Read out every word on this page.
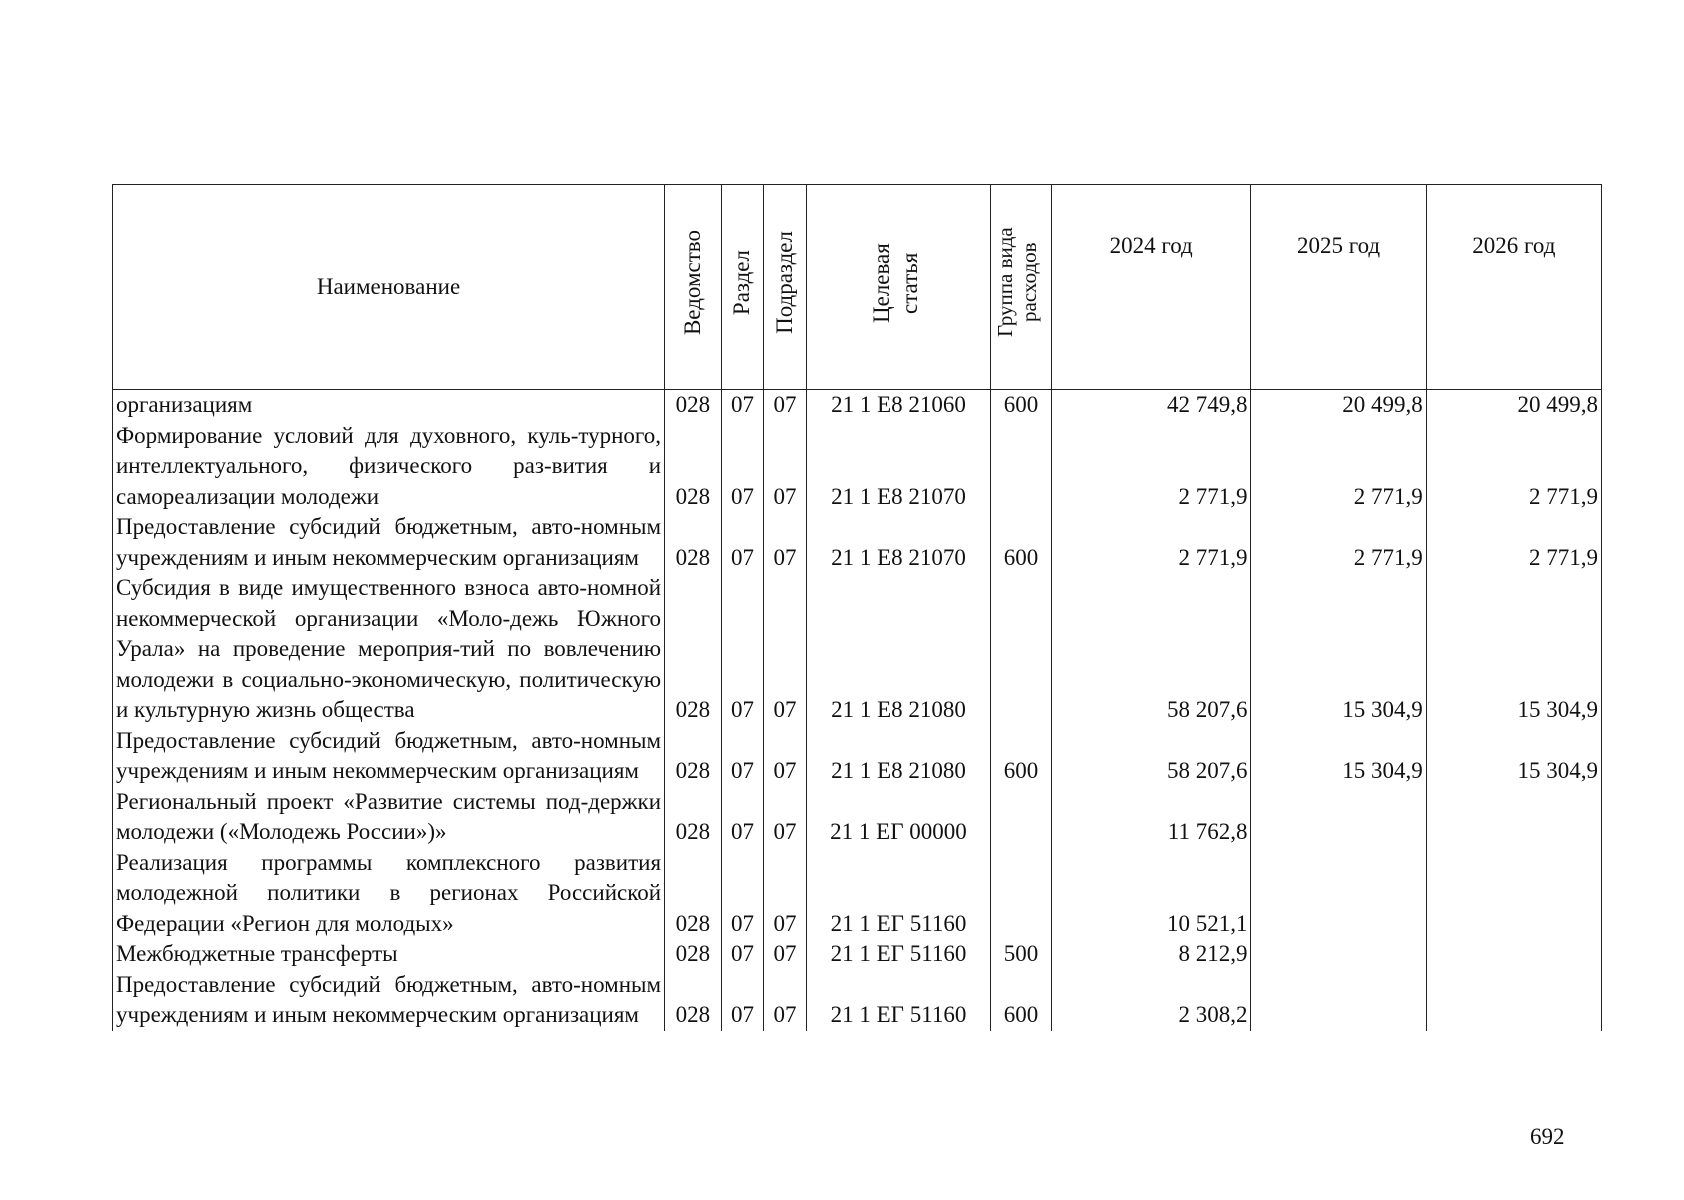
Наименование	Ведомство	Раздел	Подраздел	Целевая статья	Группа вида расходов	2024 год	2025 год	2026 год
организациям	028	07	07	21 1 Е8 21060	600	42 749,8	20 499,8	20 499,8
Формирование условий для духовного, куль-турного, интеллектуального, физического раз-вития и самореализации молодежи	028	07	07	21 1 Е8 21070		2 771,9	2 771,9	2 771,9
Предоставление субсидий бюджетным, авто-номным учреждениям и иным некоммерческим организациям	028	07	07	21 1 Е8 21070	600	2 771,9	2 771,9	2 771,9
Субсидия в виде имущественного взноса авто-номной некоммерческой организации «Моло-дежь Южного Урала» на проведение мероприя-тий по вовлечению молодежи в социально-экономическую, политическую и культурную жизнь общества	028	07	07	21 1 Е8 21080		58 207,6	15 304,9	15 304,9
Предоставление субсидий бюджетным, авто-номным учреждениям и иным некоммерческим организациям	028	07	07	21 1 Е8 21080	600	58 207,6	15 304,9	15 304,9
Региональный проект «Развитие системы под-держки молодежи («Молодежь России»)»	028	07	07	21 1 ЕГ 00000		11 762,8		
Реализация программы комплексного развития молодежной политики в регионах Российской Федерации «Регион для молодых»	028	07	07	21 1 ЕГ 51160		10 521,1		
Межбюджетные трансферты	028	07	07	21 1 ЕГ 51160	500	8 212,9		
Предоставление субсидий бюджетным, авто-номным учреждениям и иным некоммерческим организациям	028	07	07	21 1 ЕГ 51160	600	2 308,2		
692
